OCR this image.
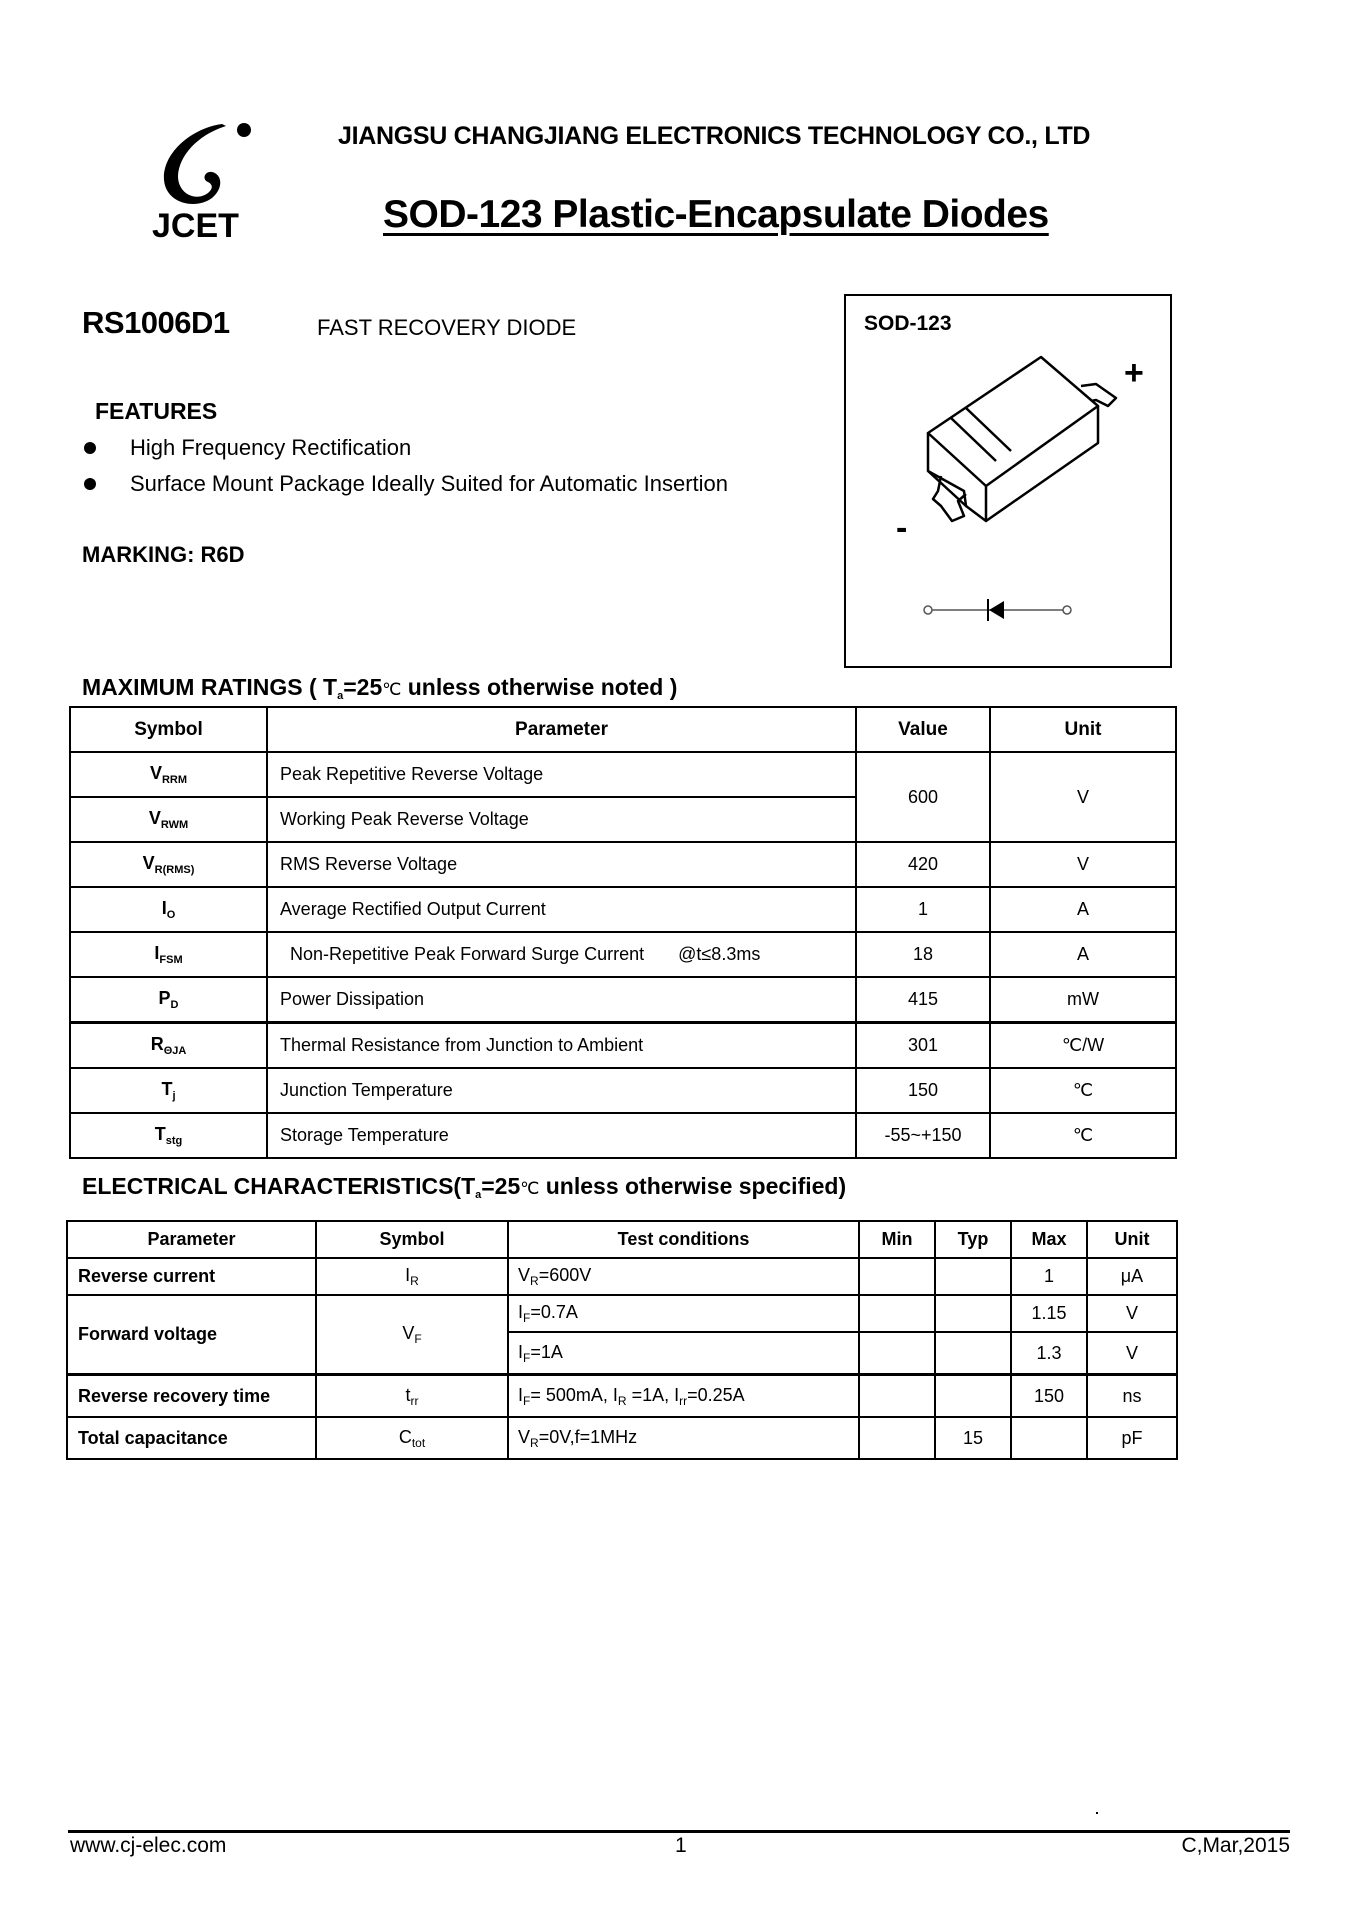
JCET
JIANGSU CHANGJIANG ELECTRONICS TECHNOLOGY CO., LTD
SOD-123 Plastic-Encapsulate Diodes
RS1006D1	FAST RECOVERY DIODE
FEATURES
High Frequency Rectification
Surface Mount Package Ideally Suited for Automatic Insertion
MARKING: R6D
SOD-123
+
-
MAXIMUM RATINGS ( $T_a=25℃$ unless otherwise noted )
Symbol	Parameter	Value	Unit
$V_{RRM}$	Peak Repetitive Reverse Voltage	600	V
$V_{RWM}$	Working Peak Reverse Voltage		
$V_{R(RMS)}$	RMS Reverse Voltage	420	V
$I_O$	Average Rectified Output Current	1	A
$I_{FSM}$	Non-Repetitive Peak Forward Surge Current @t≤8.3ms	18	A
$P_D$	Power Dissipation	415	mW
$R_{\Theta JA}$	Thermal Resistance from Junction to Ambient	301	℃/W
$T_j$	Junction Temperature	150	℃
$T_{stg}$	Storage Temperature	-55~+150	℃
ELECTRICAL $CHARACTERISTICS(T_a=25℃$ unless otherwise specified)
Parameter	Symbol	Test conditions	Min	Typ	Max	Unit
Reverse current	$I_R$	$V_R=600V$			1	μA
Forward voltage	$V_F$	$I_F=0.7A$			1.15	V
		$I_F=1A$			1.3	V
Reverse recovery time	$t_{rr}$	$I_F= 500mA$, $I_R =1A$, $I_{rr}=0.25A$			150	ns
Total capacitance	$C_{tot}$	$V_R=0V,f=1MHz$		15		pF
www.cj-elec.com	1	C,Mar,2015
